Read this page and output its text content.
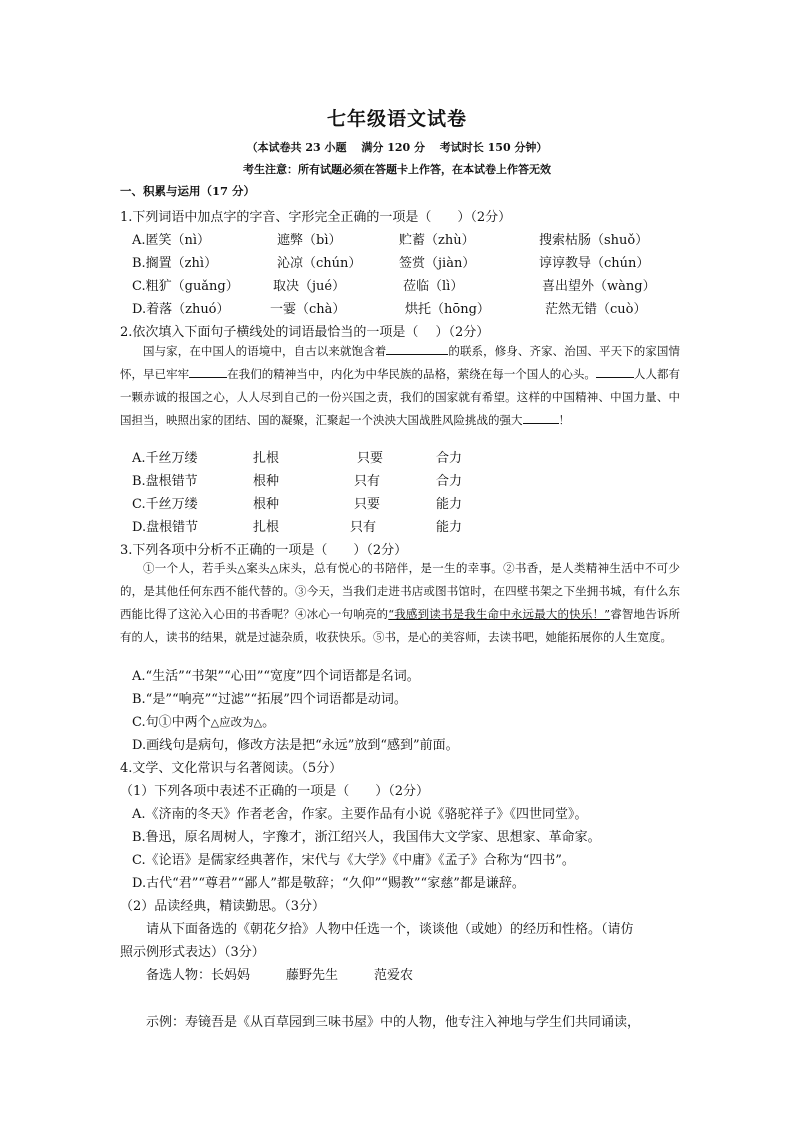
七年级语文试卷
（本试卷共 23 小题　 满分 120 分　 考试时长 150 分钟）
考生注意：所有试题必须在答题卡上作答，在本试卷上作答无效
一、积累与运用（17 分）
1.下列词语中加点字的字音、字形完全正确的一项是（　　）（2分）
A.匿笑（nì）	遮弊（bì）	贮蓄（zhù）	搜索枯肠（shuǒ）
B.搁置（zhì）	沁凉（chún）	签赏（jiàn）	谆谆教导（chún）
C.粗犷（guǎng）	取决（jué）	莅临（lì）	喜出望外（wàng）
D.着落（zhuó）	一霎（chà）	烘托（hōng）	茫然无错（cuò）
2.依次填入下面句子横线处的词语最恰当的一项是（　 ）（2分）

国与家，在中国人的语境中，自古以来就饱含着	的联系，修身、齐家、治国、平天下的家国情怀，早已牢牢	在我们的精神当中，内化为中华民族的品格，萦绕在每一个国人的心头。	人人都有一颗赤诚的报国之心，人人尽到自己的一份兴国之责，我们的国家就有希望。这样的中国精神、中国力量、中国担当，映照出家的团结、国的凝聚，汇聚起一个泱泱大国战胜风险挑战的强大	！

A.千丝万缕	扎根	只要	合力
B.盘根错节	根种	只有	合力
C.千丝万缕	根种	只要	能力
D.盘根错节	扎根	只有	能力
3.下列各项中分析不正确的一项是（　　）（2分）

①一个人，若手头△案头△床头，总有悦心的书陪伴，是一生的幸事。②书香，是人类精神生活中不可少的，是其他任何东西不能代替的。③今天，当我们走进书店或图书馆时，在四壁书架之下坐拥书城，有什么东西能比得了这沁入心田的书香呢？④冰心一句响亮的“我感到读书是我生命中永远最大的快乐！”睿智地告诉所有的人，读书的结果，就是过滤杂质，收获快乐。⑤书，是心的美容师，去读书吧，她能拓展你的人生宽度。

A.“生活”“书架”“心田”“宽度”四个词语都是名词。
B.“是”“响亮”“过滤”“拓展”四个词语都是动词。
C.句①中两个△应改为△。
D.画线句是病句，修改方法是把“永远”放到“感到”前面。
4.文学、文化常识与名著阅读。（5分）
（1）下列各项中表述不正确的一项是（　　）（2分）
A.《济南的冬天》作者老舍，作家。主要作品有小说《骆驼祥子》《四世同堂》。
B.鲁迅，原名周树人，字豫才，浙江绍兴人，我国伟大文学家、思想家、革命家。
C.《论语》是儒家经典著作，宋代与《大学》《中庸》《孟子》合称为“四书”。
D.古代“君”“尊君”“鄙人”都是敬辞；“久仰”“赐教”“家慈”都是谦辞。
（2）品读经典，精读勤思。（3分）
请从下面备选的《朝花夕拾》人物中任选一个，谈谈他（或她）的经历和性格。（请仿
照示例形式表达）（3分）
备选人物：长妈妈	藤野先生	范爱农
示例：寿镜吾是《从百草园到三味书屋》中的人物，他专注入神地与学生们共同诵读，
